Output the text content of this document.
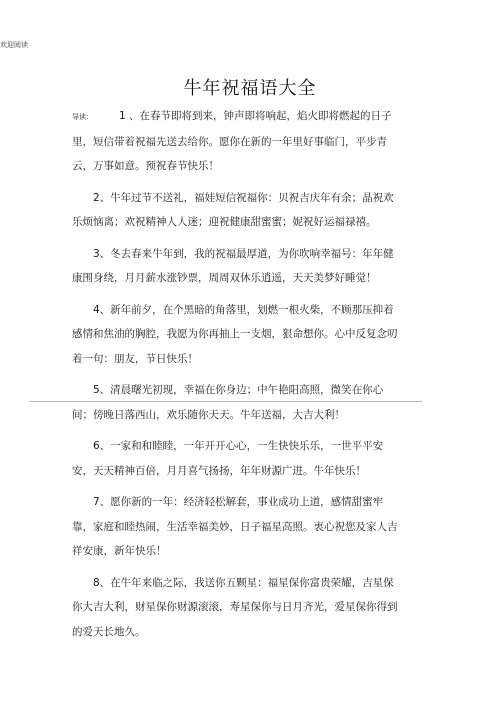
欢迎阅读
牛年祝福语大全

导读： 1 、在春节即将到来，钟声即将响起，焰火即将燃起的日子里，短信带着祝福先送去给你。愿你在新的一年里好事临门，平步青云，万事如意。预祝春节快乐！

2、牛年过节不送礼，福娃短信祝福你：贝祝吉庆年有余；晶祝欢乐烦恼离；欢祝精神人人迷；迎祝健康甜蜜蜜；妮祝好运福禄禧。

3、冬去春来牛年到，我的祝福最厚道，为你吹响幸福号：年年健康围身绕，月月薪水涨钞票，周周双休乐逍遥，天天美梦好睡觉！

4、新年前夕，在个黑暗的角落里，划燃一根火柴，不顾那压抑着感情和焦油的胸腔，我愿为你再抽上一支烟，狠命想你。心中反复念叨着一句：朋友，节日快乐！

5、清晨曙光初现，幸福在你身边；中午艳阳高照，微笑在你心间；傍晚日落西山，欢乐随你天天。牛年送福，大吉大利！

6、一家和和睦睦，一年开开心心，一生快快乐乐，一世平平安安，天天精神百倍，月月喜气扬扬，年年财源广进。牛年快乐！

7、愿你新的一年：经济轻松解套，事业成功上道，感情甜蜜牢靠，家庭和睦热闹，生活幸福美妙，日子福星高照。衷心祝您及家人吉祥安康，新年快乐！

8、在牛年来临之际，我送你五颗星：福星保你富贵荣耀，吉星保你大吉大利，财星保你财源滚滚，寿星保你与日月齐光，爱星保你得到的爱天长地久。
